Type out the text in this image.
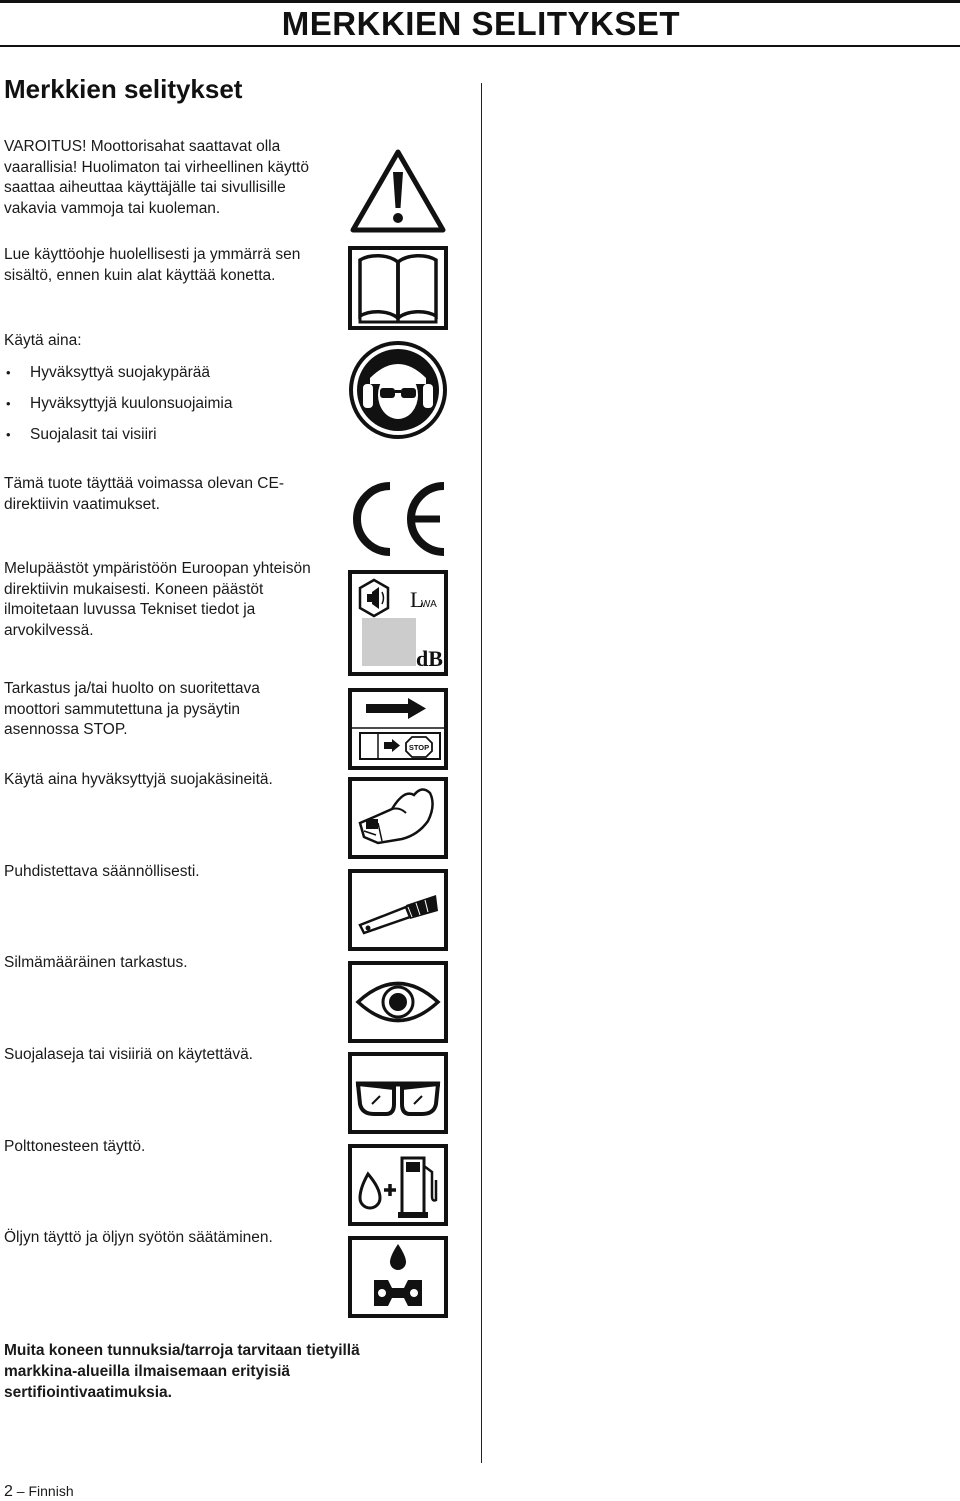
MERKKIEN SELITYKSET
Merkkien selitykset

VAROITUS! Moottorisahat saattavat olla vaarallisia! Huolimaton tai virheellinen käyttö saattaa aiheuttaa käyttäjälle tai sivullisille vakavia vammoja tai kuoleman.

Lue käyttöohje huolellisesti ja ymmärrä sen sisältö, ennen kuin alat käyttää konetta.

Käytä aina:

• Hyväksyttyä suojakypärää
• Hyväksyttyjä kuulonsuojaimia
• Suojalasit tai visiiri

Tämä tuote täyttää voimassa olevan CE-direktiivin vaatimukset.

Melupäästöt ympäristöön Euroopan yhteisön direktiivin mukaisesti. Koneen päästöt ilmoitetaan luvussa Tekniset tiedot ja arvokilvessä.

Tarkastus ja/tai huolto on suoritettava moottori sammutettuna ja pysäytin asennossa STOP.

Käytä aina hyväksyttyjä suojakäsineitä.

Puhdistettava säännöllisesti.

Silmämääräinen tarkastus.

Suojalaseja tai visiiriä on käytettävä.

Polttonesteen täyttö.

Öljyn täyttö ja öljyn syötön säätäminen.

Muita koneen tunnuksia/tarroja tarvitaan tietyillä markkina-alueilla ilmaisemaan erityisiä sertifiointivaatimuksia.

L
WA
dB
STOP
2 – Finnish
